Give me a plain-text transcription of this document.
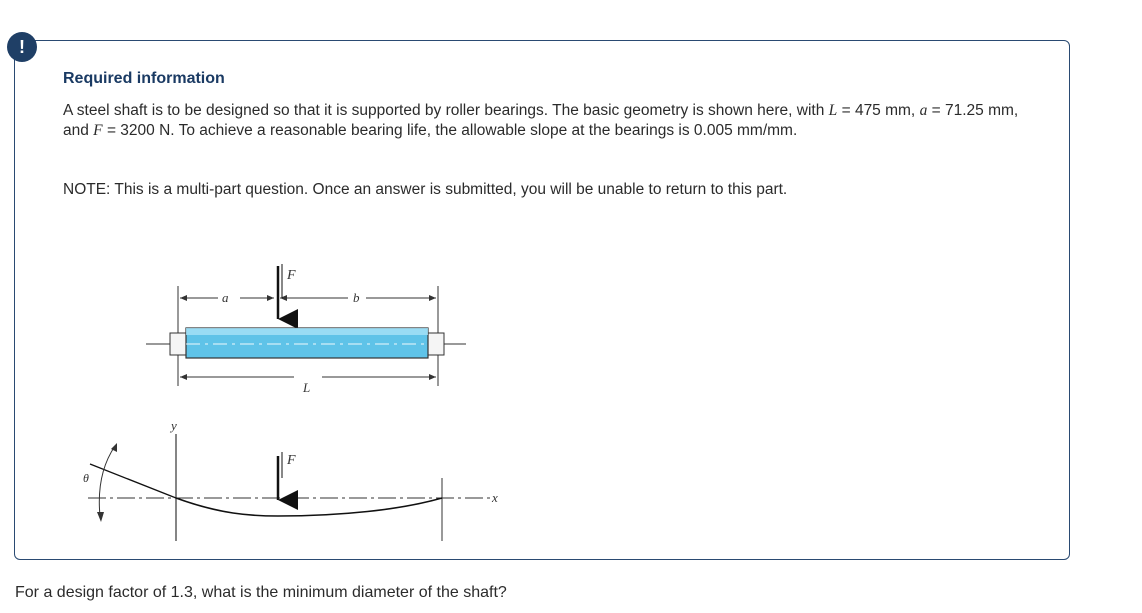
!
Required information
A steel shaft is to be designed so that it is supported by roller bearings. The basic geometry is shown here, with L = 475 mm, a = 71.25 mm, and F = 3200 N. To achieve a reasonable bearing life, the allowable slope at the bearings is 0.005 mm/mm.
NOTE: This is a multi-part question. Once an answer is submitted, you will be unable to return to this part.
a	b
F
L
y
x
θ
F
For a design factor of 1.3, what is the minimum diameter of the shaft?
